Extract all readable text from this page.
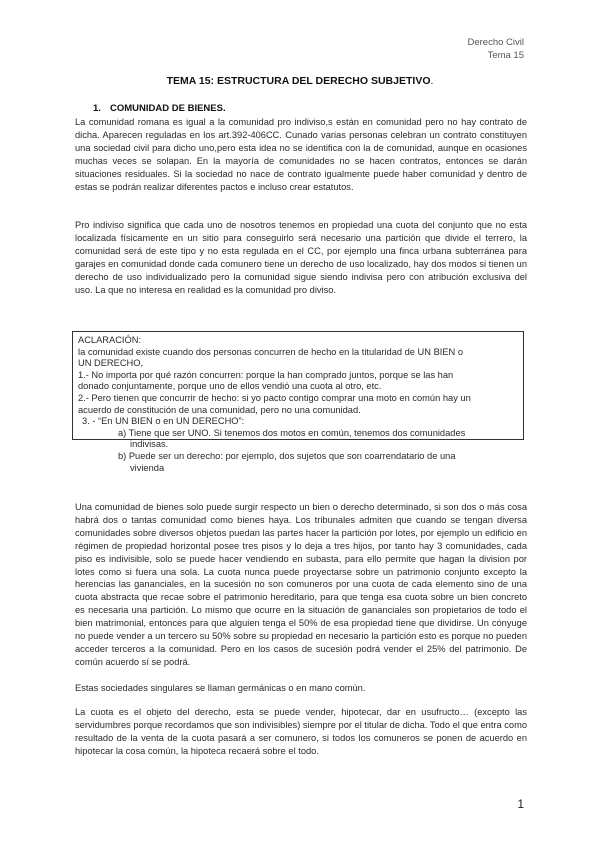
Derecho Civil
Tema 15
TEMA 15: ESTRUCTURA DEL DERECHO SUBJETIVO.
1. COMUNIDAD DE BIENES.
La comunidad romana es igual a la comunidad pro indiviso,s están en comunidad pero no hay contrato de dicha. Aparecen reguladas en los art.392-406CC. Cunado varias personas celebran un contrato constituyen una sociedad civil para dicho uno,pero esta idea no se identifica con la de comunidad, aunque en ocasiones muchas veces se solapan. En la mayoría de comunidades no se hacen contratos, entonces se darán situaciones residuales. Si la sociedad no nace de contrato igualmente puede haber comunidad y dentro de estas se podrán realizar diferentes pactos e incluso crear estatutos.
Pro indiviso significa que cada uno de nosotros tenemos en propiedad una cuota del conjunto que no esta localizada físicamente en un sitio para conseguirlo será necesario una partición que divide el terrero, la comunidad será de este tipo y no esta regulada en el CC, por ejemplo una finca urbana subterránea para garajes en comunidad donde cada comunero tiene un derecho de uso localizado, hay dos modos si tienen un derecho de uso individualizado pero la comunidad sigue siendo indivisa pero con atribución exclusiva del uso. La que no interesa en realidad es la comunidad pro diviso.
ACLARACIÓN:
la comunidad existe cuando dos personas concurren de hecho en la titularidad de UN BIEN o
UN DERECHO,
1.- No importa por qué razón concurren: porque la han comprado juntos, porque se las han
donado conjuntamente, porque uno de ellos vendió una cuota al otro, etc.
2.- Pero tienen que concurrir de hecho: si yo pacto contigo comprar una moto en común hay un
acuerdo de constitución de una comunidad, pero no una comunidad.
3. - “En UN BIEN o en UN DERECHO”:
a) Tiene que ser UNO. Si tenemos dos motos en común, tenemos dos comunidades
indivisas.
b) Puede ser un derecho: por ejemplo, dos sujetos que son coarrendatario de una
vivienda
Una comunidad de bienes solo puede surgir respecto un bien o derecho determinado, si son dos o más cosa habrá dos o tantas comunidad como bienes haya. Los tribunales admiten que cuando se tengan diversa comunidades sobre diversos objetos puedan las partes hacer la partición por lotes, por ejemplo un edificio en régimen de propiedad horizontal posee tres pisos y lo deja a tres hijos, por tanto hay 3 comunidades, cada piso es indivisible, solo se puede hacer vendiendo en subasta, para ello permite que hagan la division por lotes como si fuera una sola. La cuota nunca puede proyectarse sobre un patrimonio conjunto excepto la herencias las gananciales, en la sucesión no son comuneros por una cuota de cada elemento sino de una cuota abstracta que recae sobre el patrimonio hereditario, para que tenga esa cuota sobre un bien concreto es necesaria una partición. Lo mismo que ocurre en la situación de gananciales son propietarios de todo el bien matrimonial, entonces para que alguien tenga el 50% de esa propiedad tiene que dividirse. Un cónyuge no puede vender a un tercero su 50% sobre su propiedad en necesario la partición esto es porque no pueden acceder terceros a la comunidad. Pero en los casos de sucesión podrá vender el 25% del patrimonio. De común acuerdo sí se podrá.
Estas sociedades singulares se llaman germánicas o en mano común.
La cuota es el objeto del derecho, esta se puede vender, hipotecar, dar en usufructo… (excepto las servidumbres porque recordamos que son indivisibles) siempre por el titular de dicha. Todo el que entra como resultado de la venta de la cuota pasará a ser comunero, si todos los comuneros se ponen de acuerdo en hipotecar la cosa común, la hipoteca recaerá sobre el todo.
1
